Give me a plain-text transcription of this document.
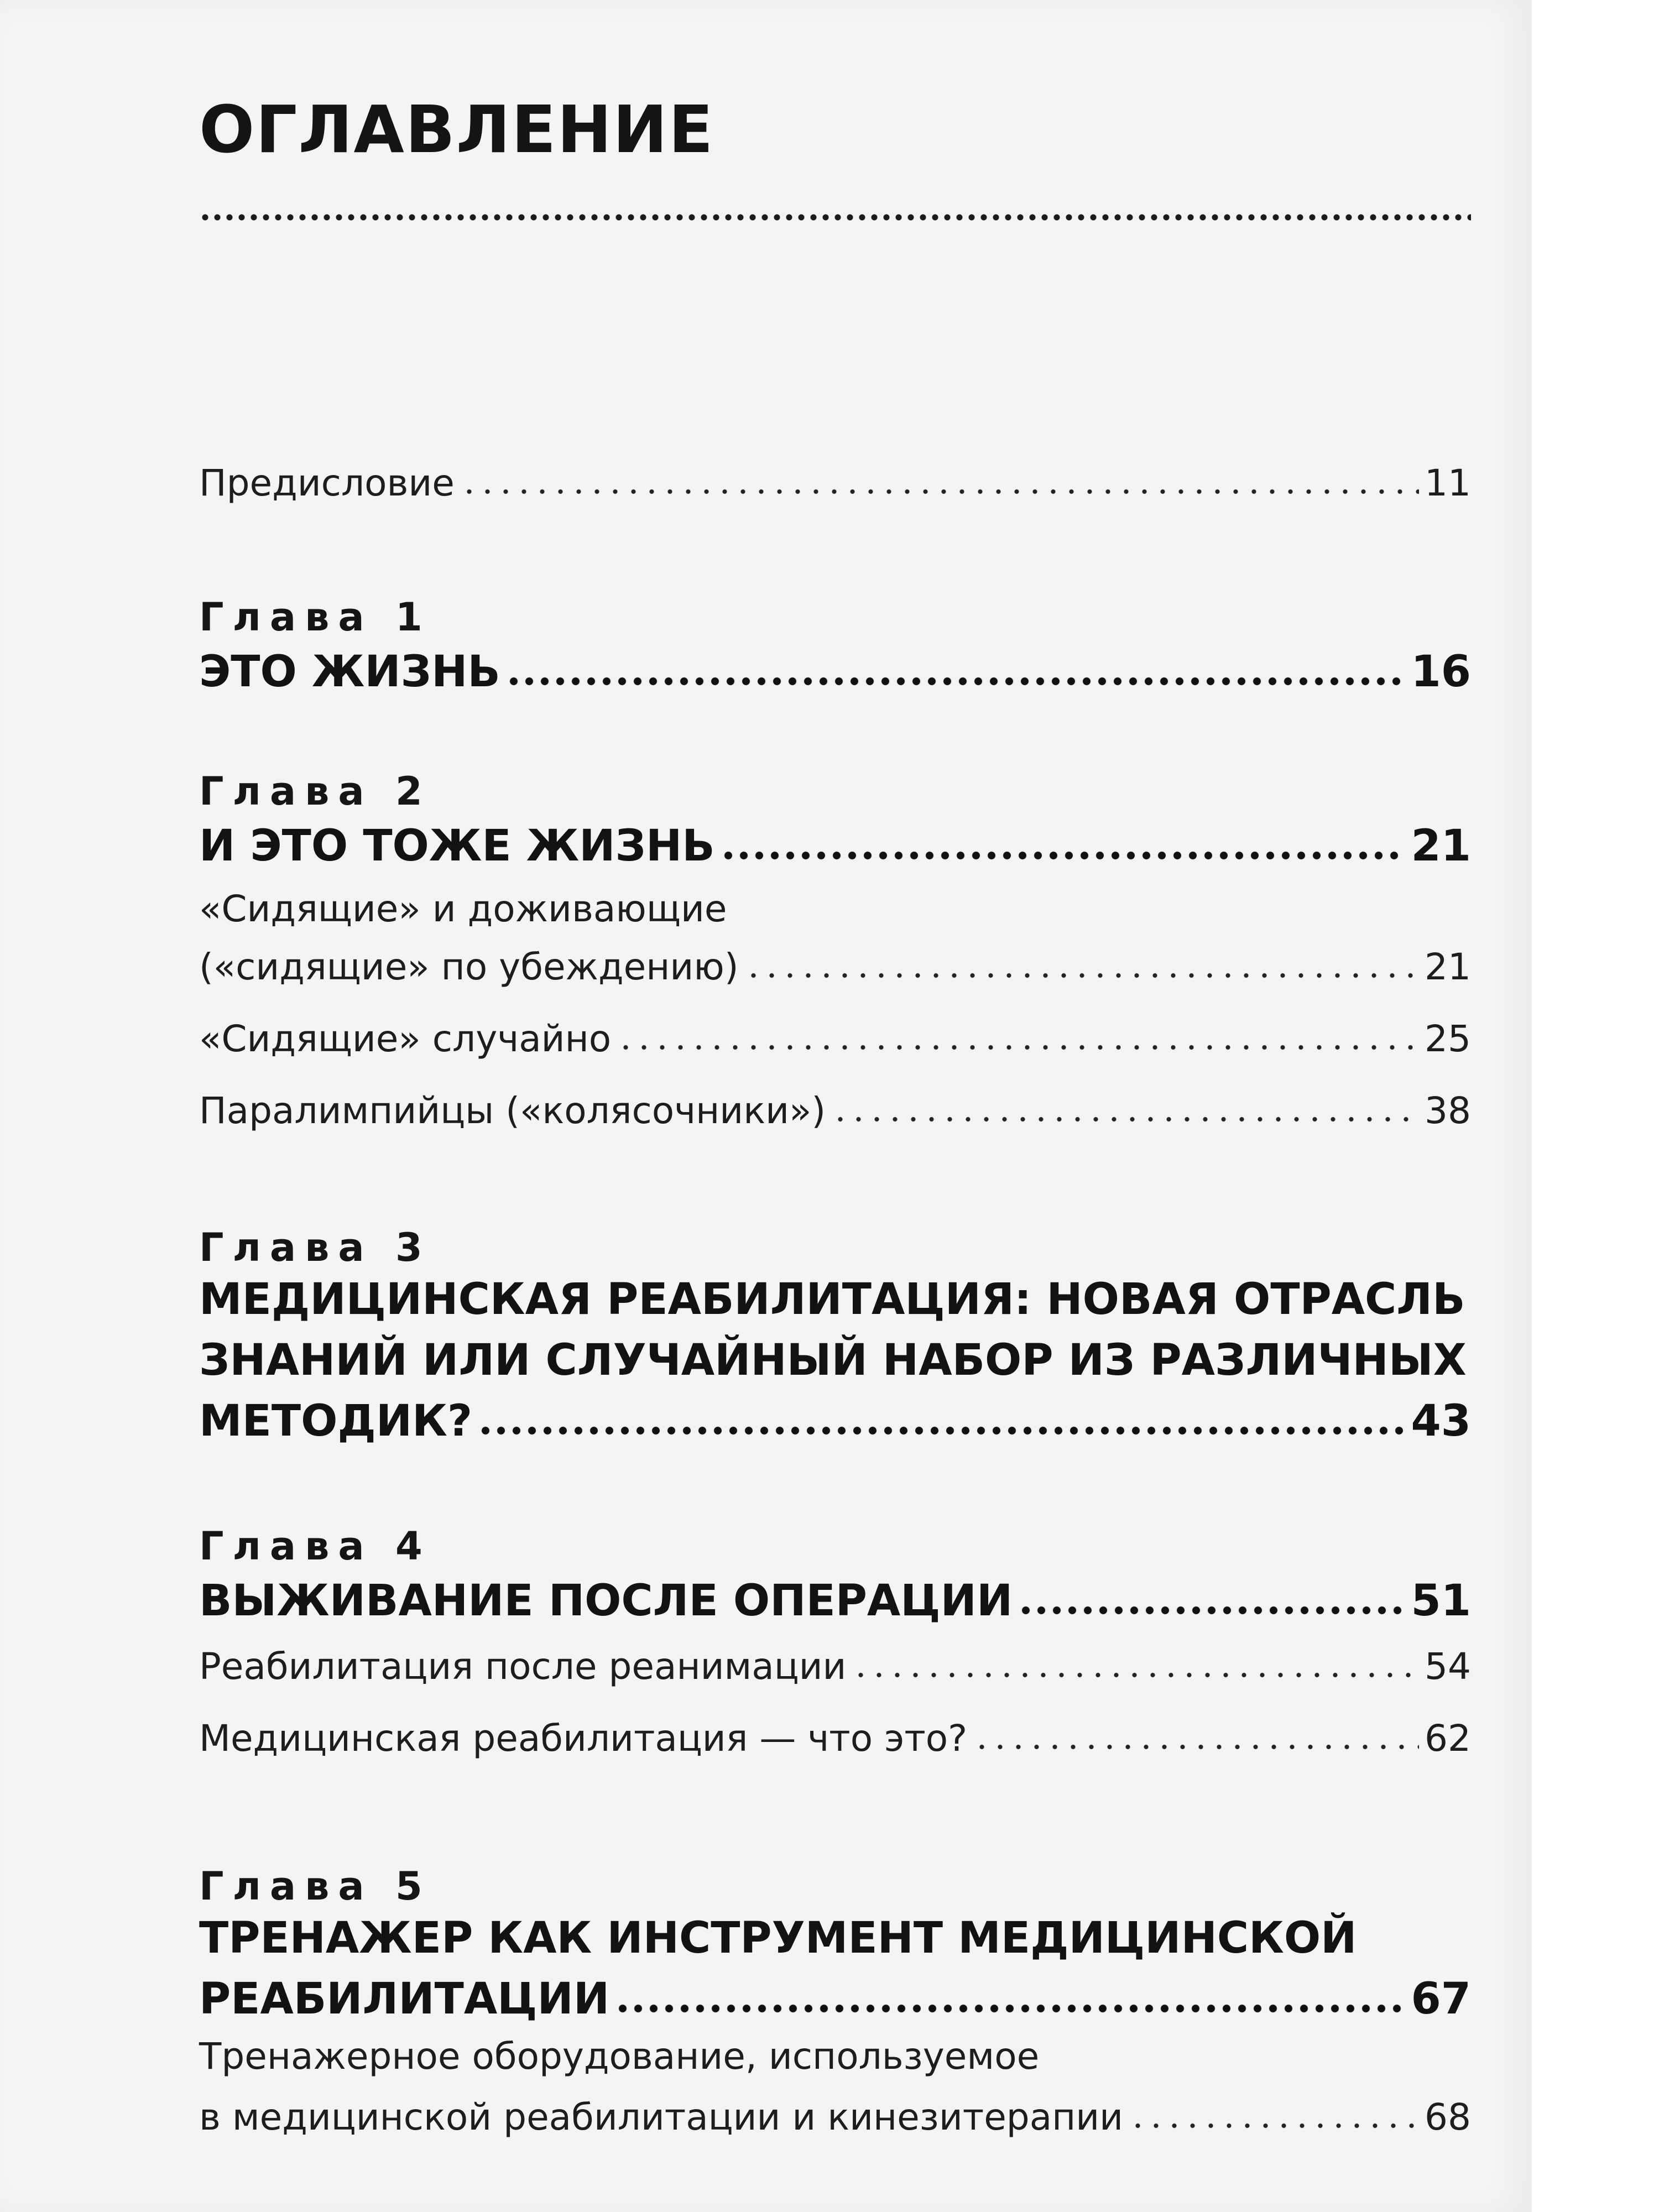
ОГЛАВЛЕНИЕ
Предисловие	11
Глава 1
ЭТО ЖИЗНЬ	16
Глава 2
И ЭТО ТОЖЕ ЖИЗНЬ	21
«Сидящие» и доживающие
(«сидящие» по убеждению)	21
«Сидящие» случайно	25
Паралимпийцы («колясочники»)	38
Глава 3
МЕДИЦИНСКАЯ РЕАБИЛИТАЦИЯ: НОВАЯ ОТРАСЛЬ
ЗНАНИЙ ИЛИ СЛУЧАЙНЫЙ НАБОР ИЗ РАЗЛИЧНЫХ
МЕТОДИК?	43
Глава 4
ВЫЖИВАНИЕ ПОСЛЕ ОПЕРАЦИИ	51
Реабилитация после реанимации	54
Медицинская реабилитация — что это?	62
Глава 5
ТРЕНАЖЕР КАК ИНСТРУМЕНТ МЕДИЦИНСКОЙ
РЕАБИЛИТАЦИИ	67
Тренажерное оборудование, используемое
в медицинской реабилитации и кинезитерапии	68
